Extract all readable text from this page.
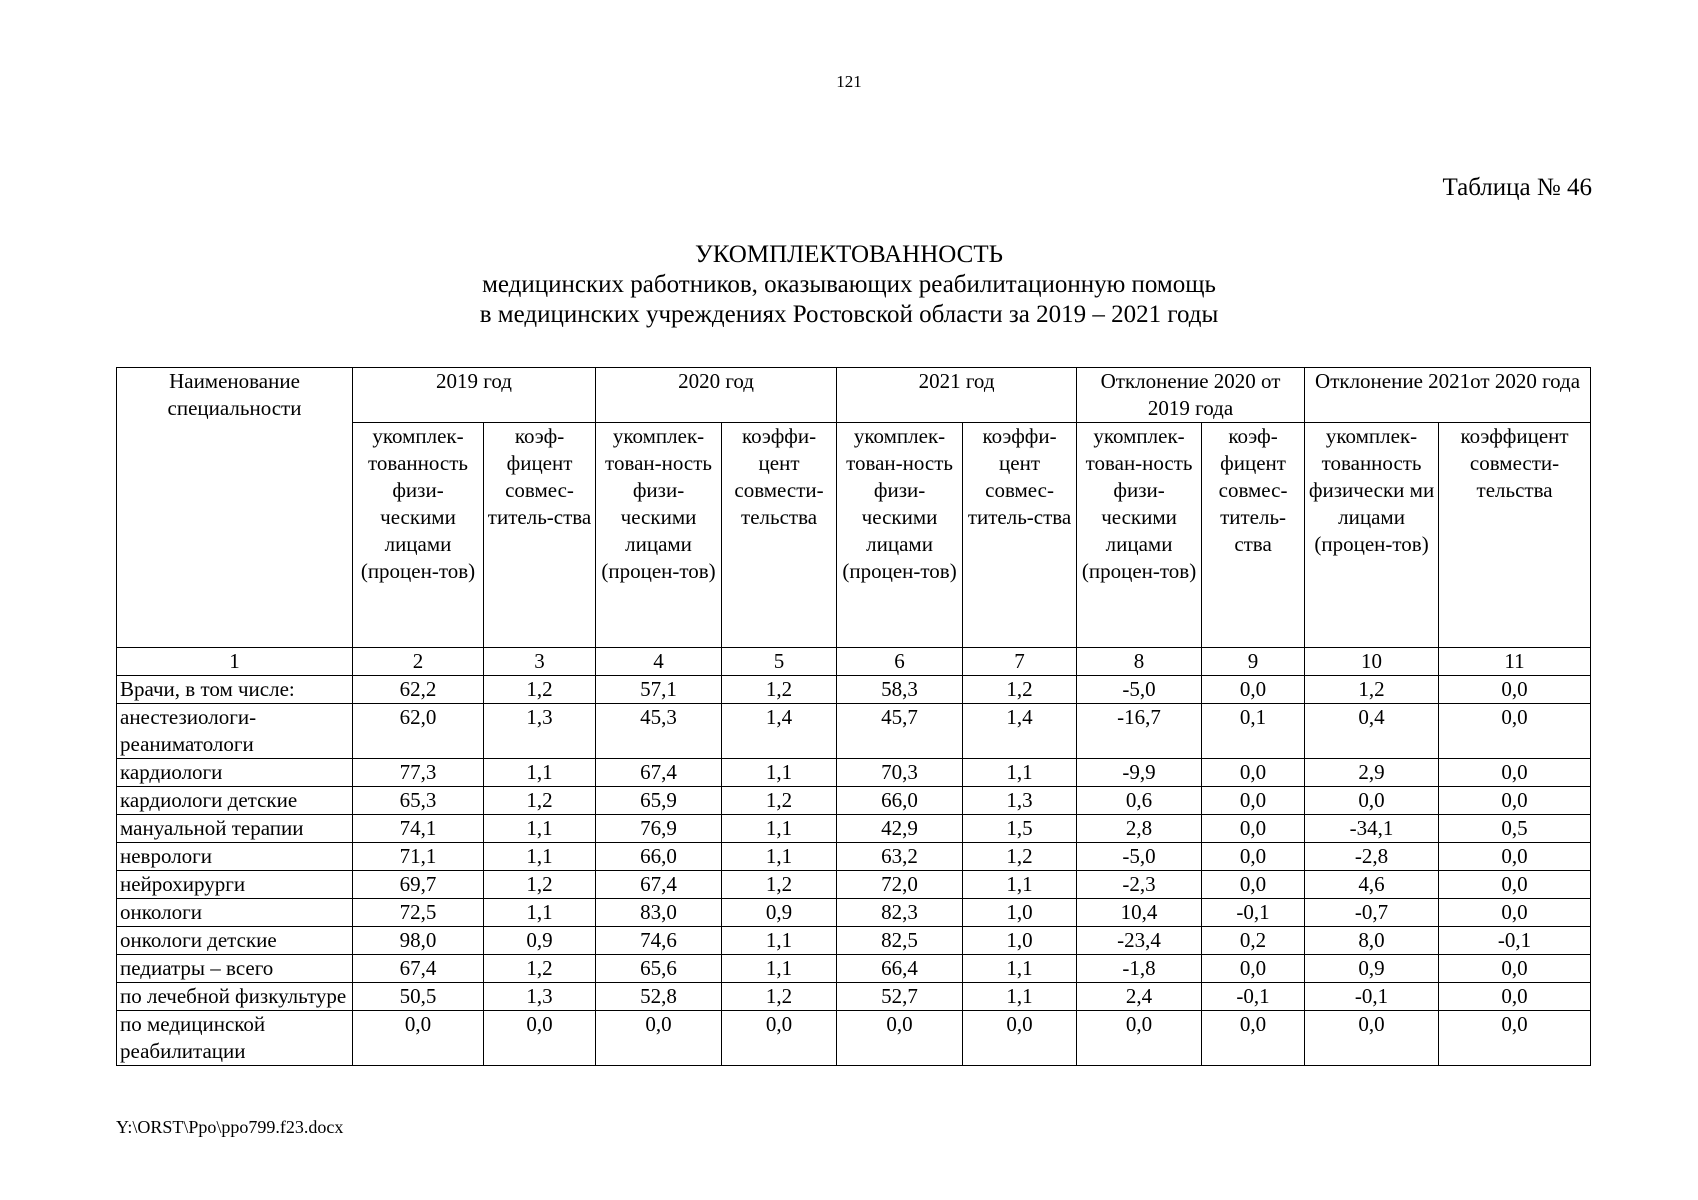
121
Таблица № 46
УКОМПЛЕКТОВАННОСТЬ
медицинских работников, оказывающих реабилитационную помощь
в медицинских учреждениях Ростовской области за 2019 – 2021 годы
Наименование специальности	2019 год		2020 год		2021 год		Отклонение 2020 от 2019 года		Отклонение 2021от 2020 года	
	укомплек-тованность физи-ческими лицами (процен-тов)	коэф-фицент совмес-титель-ства	укомплек-тован-ность физи-ческими лицами (процен-тов)	коэффи-цент совмести-тельства	укомплек-тован-ность физи-ческими лицами (процен-тов)	коэффи-цент совмес-титель-ства	укомплек-тован-ность физи-ческими лицами (процен-тов)	коэф-фицент совмес-титель-ства	укомплек-тованность физически ми лицами (процен-тов)	коэффицент совмести-тельства
1	2	3	4	5	6	7	8	9	10	11
Врачи, в том числе:	62,2	1,2	57,1	1,2	58,3	1,2	-5,0	0,0	1,2	0,0
анестезиологи-реаниматологи	62,0	1,3	45,3	1,4	45,7	1,4	-16,7	0,1	0,4	0,0
кардиологи	77,3	1,1	67,4	1,1	70,3	1,1	-9,9	0,0	2,9	0,0
кардиологи детские	65,3	1,2	65,9	1,2	66,0	1,3	0,6	0,0	0,0	0,0
мануальной терапии	74,1	1,1	76,9	1,1	42,9	1,5	2,8	0,0	-34,1	0,5
неврологи	71,1	1,1	66,0	1,1	63,2	1,2	-5,0	0,0	-2,8	0,0
нейрохирурги	69,7	1,2	67,4	1,2	72,0	1,1	-2,3	0,0	4,6	0,0
онкологи	72,5	1,1	83,0	0,9	82,3	1,0	10,4	-0,1	-0,7	0,0
онкологи детские	98,0	0,9	74,6	1,1	82,5	1,0	-23,4	0,2	8,0	-0,1
педиатры – всего	67,4	1,2	65,6	1,1	66,4	1,1	-1,8	0,0	0,9	0,0
по лечебной физкультуре	50,5	1,3	52,8	1,2	52,7	1,1	2,4	-0,1	-0,1	0,0
по медицинской реабилитации	0,0	0,0	0,0	0,0	0,0	0,0	0,0	0,0	0,0	0,0
Y:\ORST\Ppo\ppo799.f23.docx
